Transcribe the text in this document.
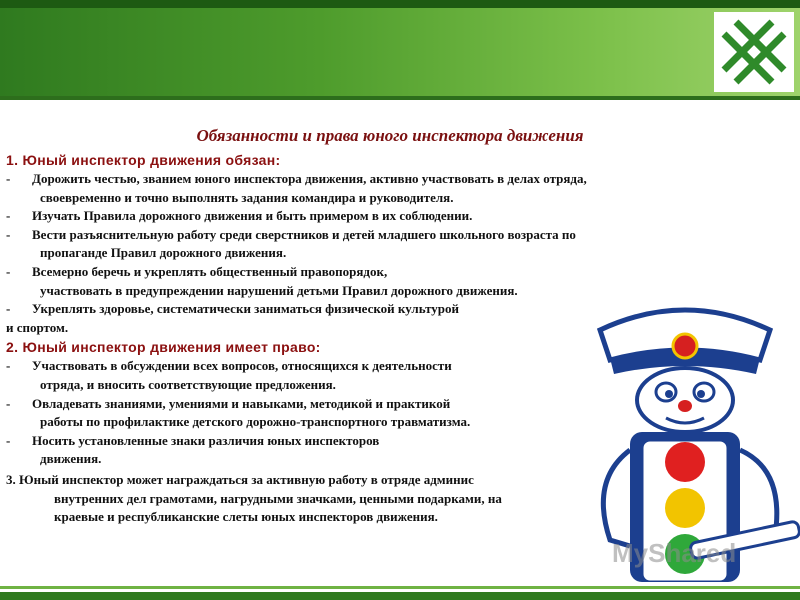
Обязанности и права юного инспектора движения
1. Юный инспектор движения обязан:
- Дорожить честью, званием юного инспектора движения, активно участвовать в делах отряда,
своевременно и точно выполнять задания командира и руководителя.
- Изучать Правила дорожного движения и быть примером в их соблюдении.
- Вести разъяснительную работу среди сверстников и детей младшего школьного возраста по
пропаганде Правил дорожного движения.
- Всемерно беречь и укреплять общественный правопорядок,
участвовать в предупреждении нарушений детьми Правил дорожного движения.
- Укреплять здоровье, систематически заниматься физической культурой
и спортом.
2. Юный инспектор движения имеет право:
- Участвовать в обсуждении всех вопросов, относящихся к деятельности
отряда, и вносить соответствующие предложения.
- Овладевать знаниями, умениями и навыками, методикой и практикой
работы по профилактике детского дорожно-транспортного травматизма.
- Носить установленные знаки различия юных инспекторов
движения.
3. Юный инспектор может награждаться за активную работу в отряде админис
внутренних дел грамотами, нагрудными значками, ценными подарками, на
краевые и республиканские слеты юных инспекторов движения.
MyShared
